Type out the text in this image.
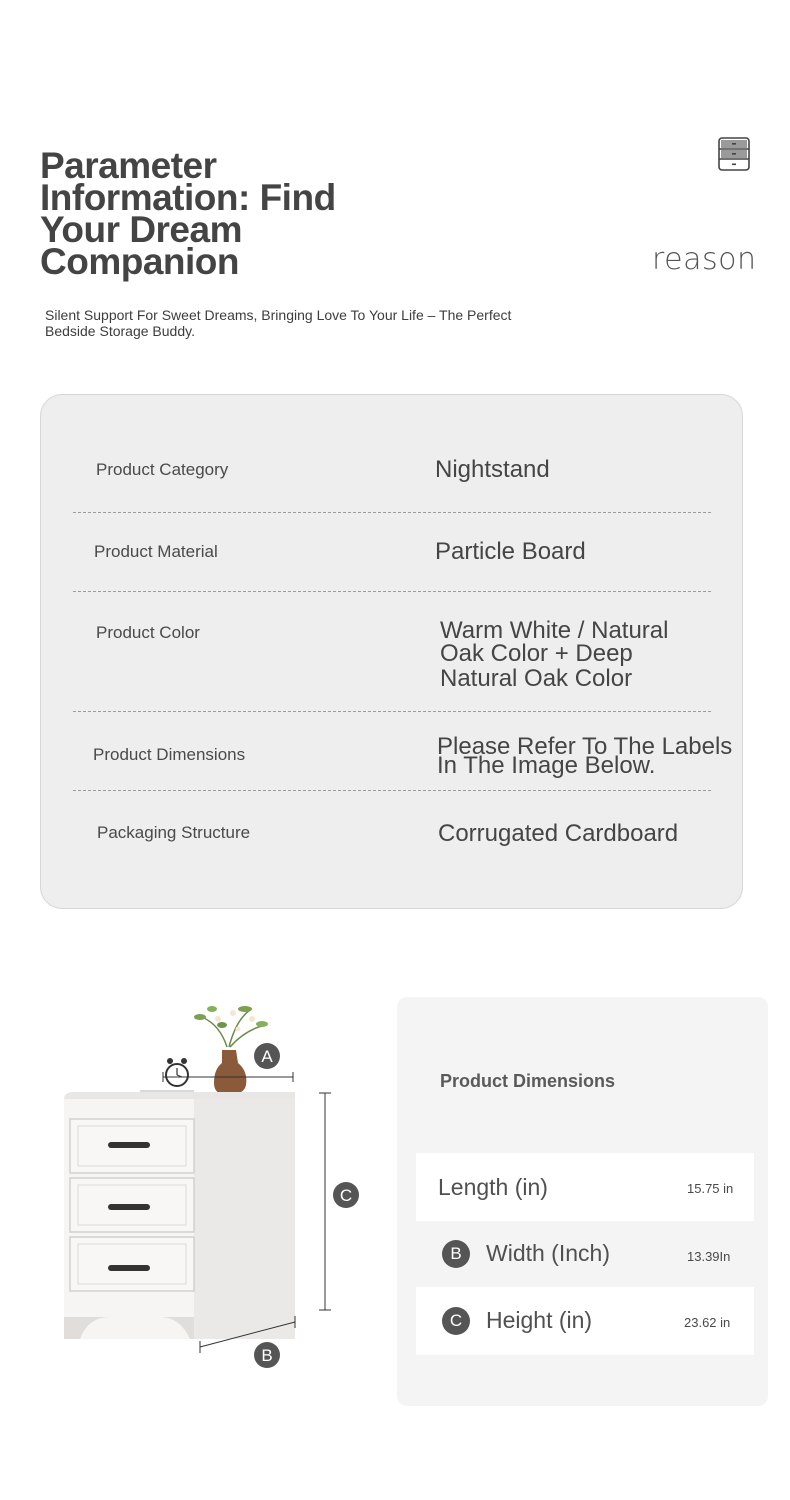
Parameter
Information: Find
Your Dream
Companion	reason
Silent Support For Sweet Dreams, Bringing Love To Your Life – The Perfect Bedside Storage Buddy.
Product Category	Nightstand
Product Material	Particle Board
Product Color	Warm White / Natural
Oak Color + Deep
Natural Oak Color
Product Dimensions	Please Refer To The Labels
In The Image Below.
Packaging Structure	Corrugated Cardboard
A
C
B
Product Dimensions
Length (in)	15.75 in
B	Width (Inch)	13.39In
C	Height (in)	23.62 in
